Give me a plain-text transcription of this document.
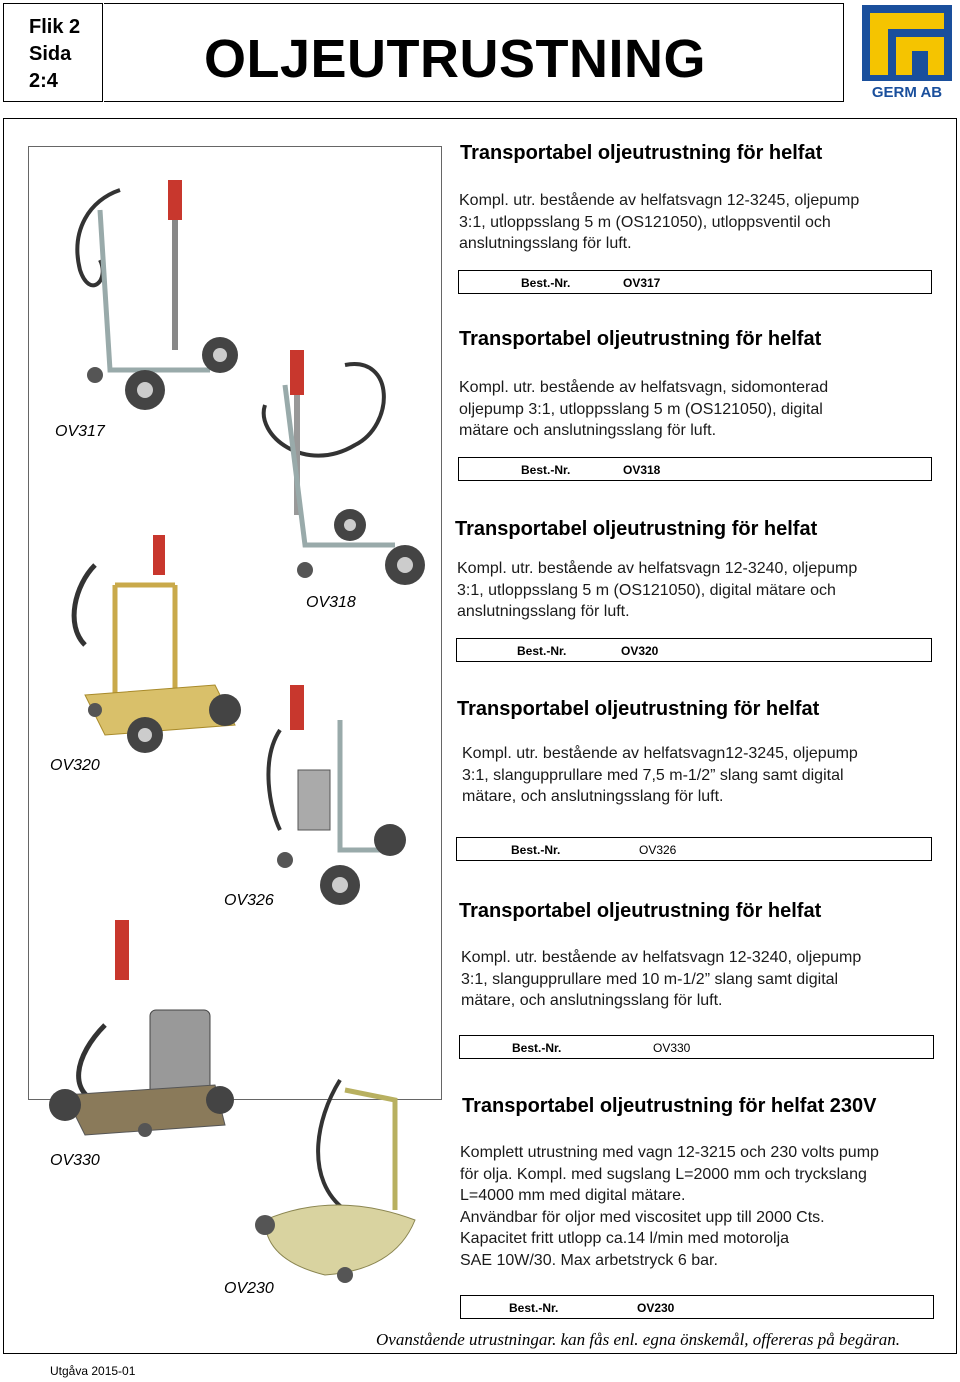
Flik 2
Sida
2:4	OLJEUTRUSTNING
GERM AB
OV317
OV318
OV320
OV326
OV330
OV230
Transportabel oljeutrustning för helfat
Kompl. utr. bestående av helfatsvagn 12-3245, oljepump
3:1, utloppsslang 5 m (OS121050), utloppsventil och
anslutningsslang för luft.
Best.-Nr.	OV317
Transportabel oljeutrustning för helfat
Kompl. utr. bestående av helfatsvagn, sidomonterad
oljepump 3:1, utloppsslang 5 m (OS121050), digital
mätare och anslutningsslang för luft.
Best.-Nr.	OV318
Transportabel oljeutrustning för helfat
Kompl. utr. bestående av helfatsvagn 12-3240, oljepump
3:1, utloppsslang 5 m (OS121050), digital mätare och
anslutningsslang för luft.
Best.-Nr.	OV320
Transportabel oljeutrustning för helfat
Kompl. utr. bestående av helfatsvagn12-3245, oljepump
3:1, slangupprullare med 7,5 m-1/2” slang samt digital
mätare, och anslutningsslang för luft.
Best.-Nr.	OV326
Transportabel oljeutrustning för helfat
Kompl. utr. bestående av helfatsvagn 12-3240, oljepump
3:1, slangupprullare med 10 m-1/2” slang samt digital
mätare, och anslutningsslang för luft.
Best.-Nr.	OV330
Transportabel oljeutrustning för helfat 230V
Komplett utrustning med vagn 12-3215 och 230 volts pump
för olja. Kompl. med sugslang L=2000 mm och tryckslang
L=4000 mm med digital mätare.
Användbar för oljor med viscositet upp till 2000 Cts.
Kapacitet fritt utlopp ca.14 l/min med motorolja
SAE 10W/30. Max arbetstryck 6 bar.
Best.-Nr.	OV230
Ovanstående utrustningar. kan fås enl. egna önskemål, offereras på begäran.
Utgåva 2015-01
